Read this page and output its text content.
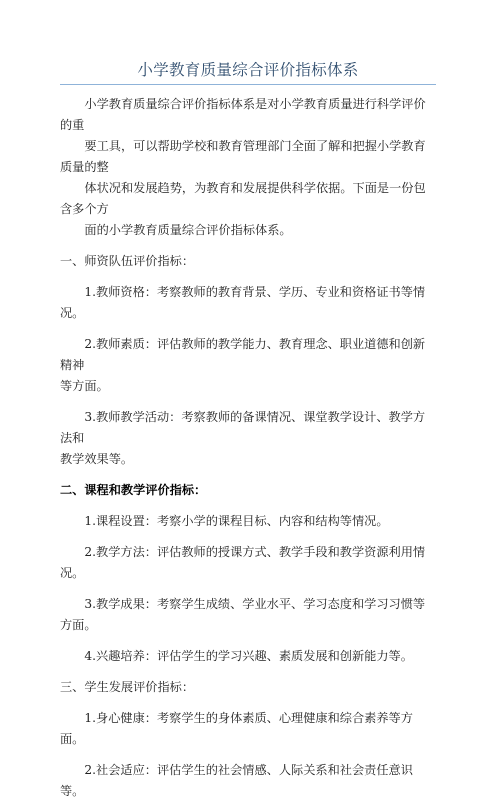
小学教育质量综合评价指标体系

小学教育质量综合评价指标体系是对小学教育质量进行科学评价的重
要工具，可以帮助学校和教育管理部门全面了解和把握小学教育质量的整
体状况和发展趋势，为教育和发展提供科学依据。下面是一份包含多个方
面的小学教育质量综合评价指标体系。

一、师资队伍评价指标：

1.教师资格：考察教师的教育背景、学历、专业和资格证书等情况。

2.教师素质：评估教师的教学能力、教育理念、职业道德和创新精神
等方面。

3.教师教学活动：考察教师的备课情况、课堂教学设计、教学方法和
教学效果等。

二、课程和教学评价指标：

1.课程设置：考察小学的课程目标、内容和结构等情况。

2.教学方法：评估教师的授课方式、教学手段和教学资源利用情况。

3.教学成果：考察学生成绩、学业水平、学习态度和学习习惯等方面。

4.兴趣培养：评估学生的学习兴趣、素质发展和创新能力等。

三、学生发展评价指标：

1.身心健康：考察学生的身体素质、心理健康和综合素养等方面。

2.社会适应：评估学生的社会情感、人际关系和社会责任意识等。
